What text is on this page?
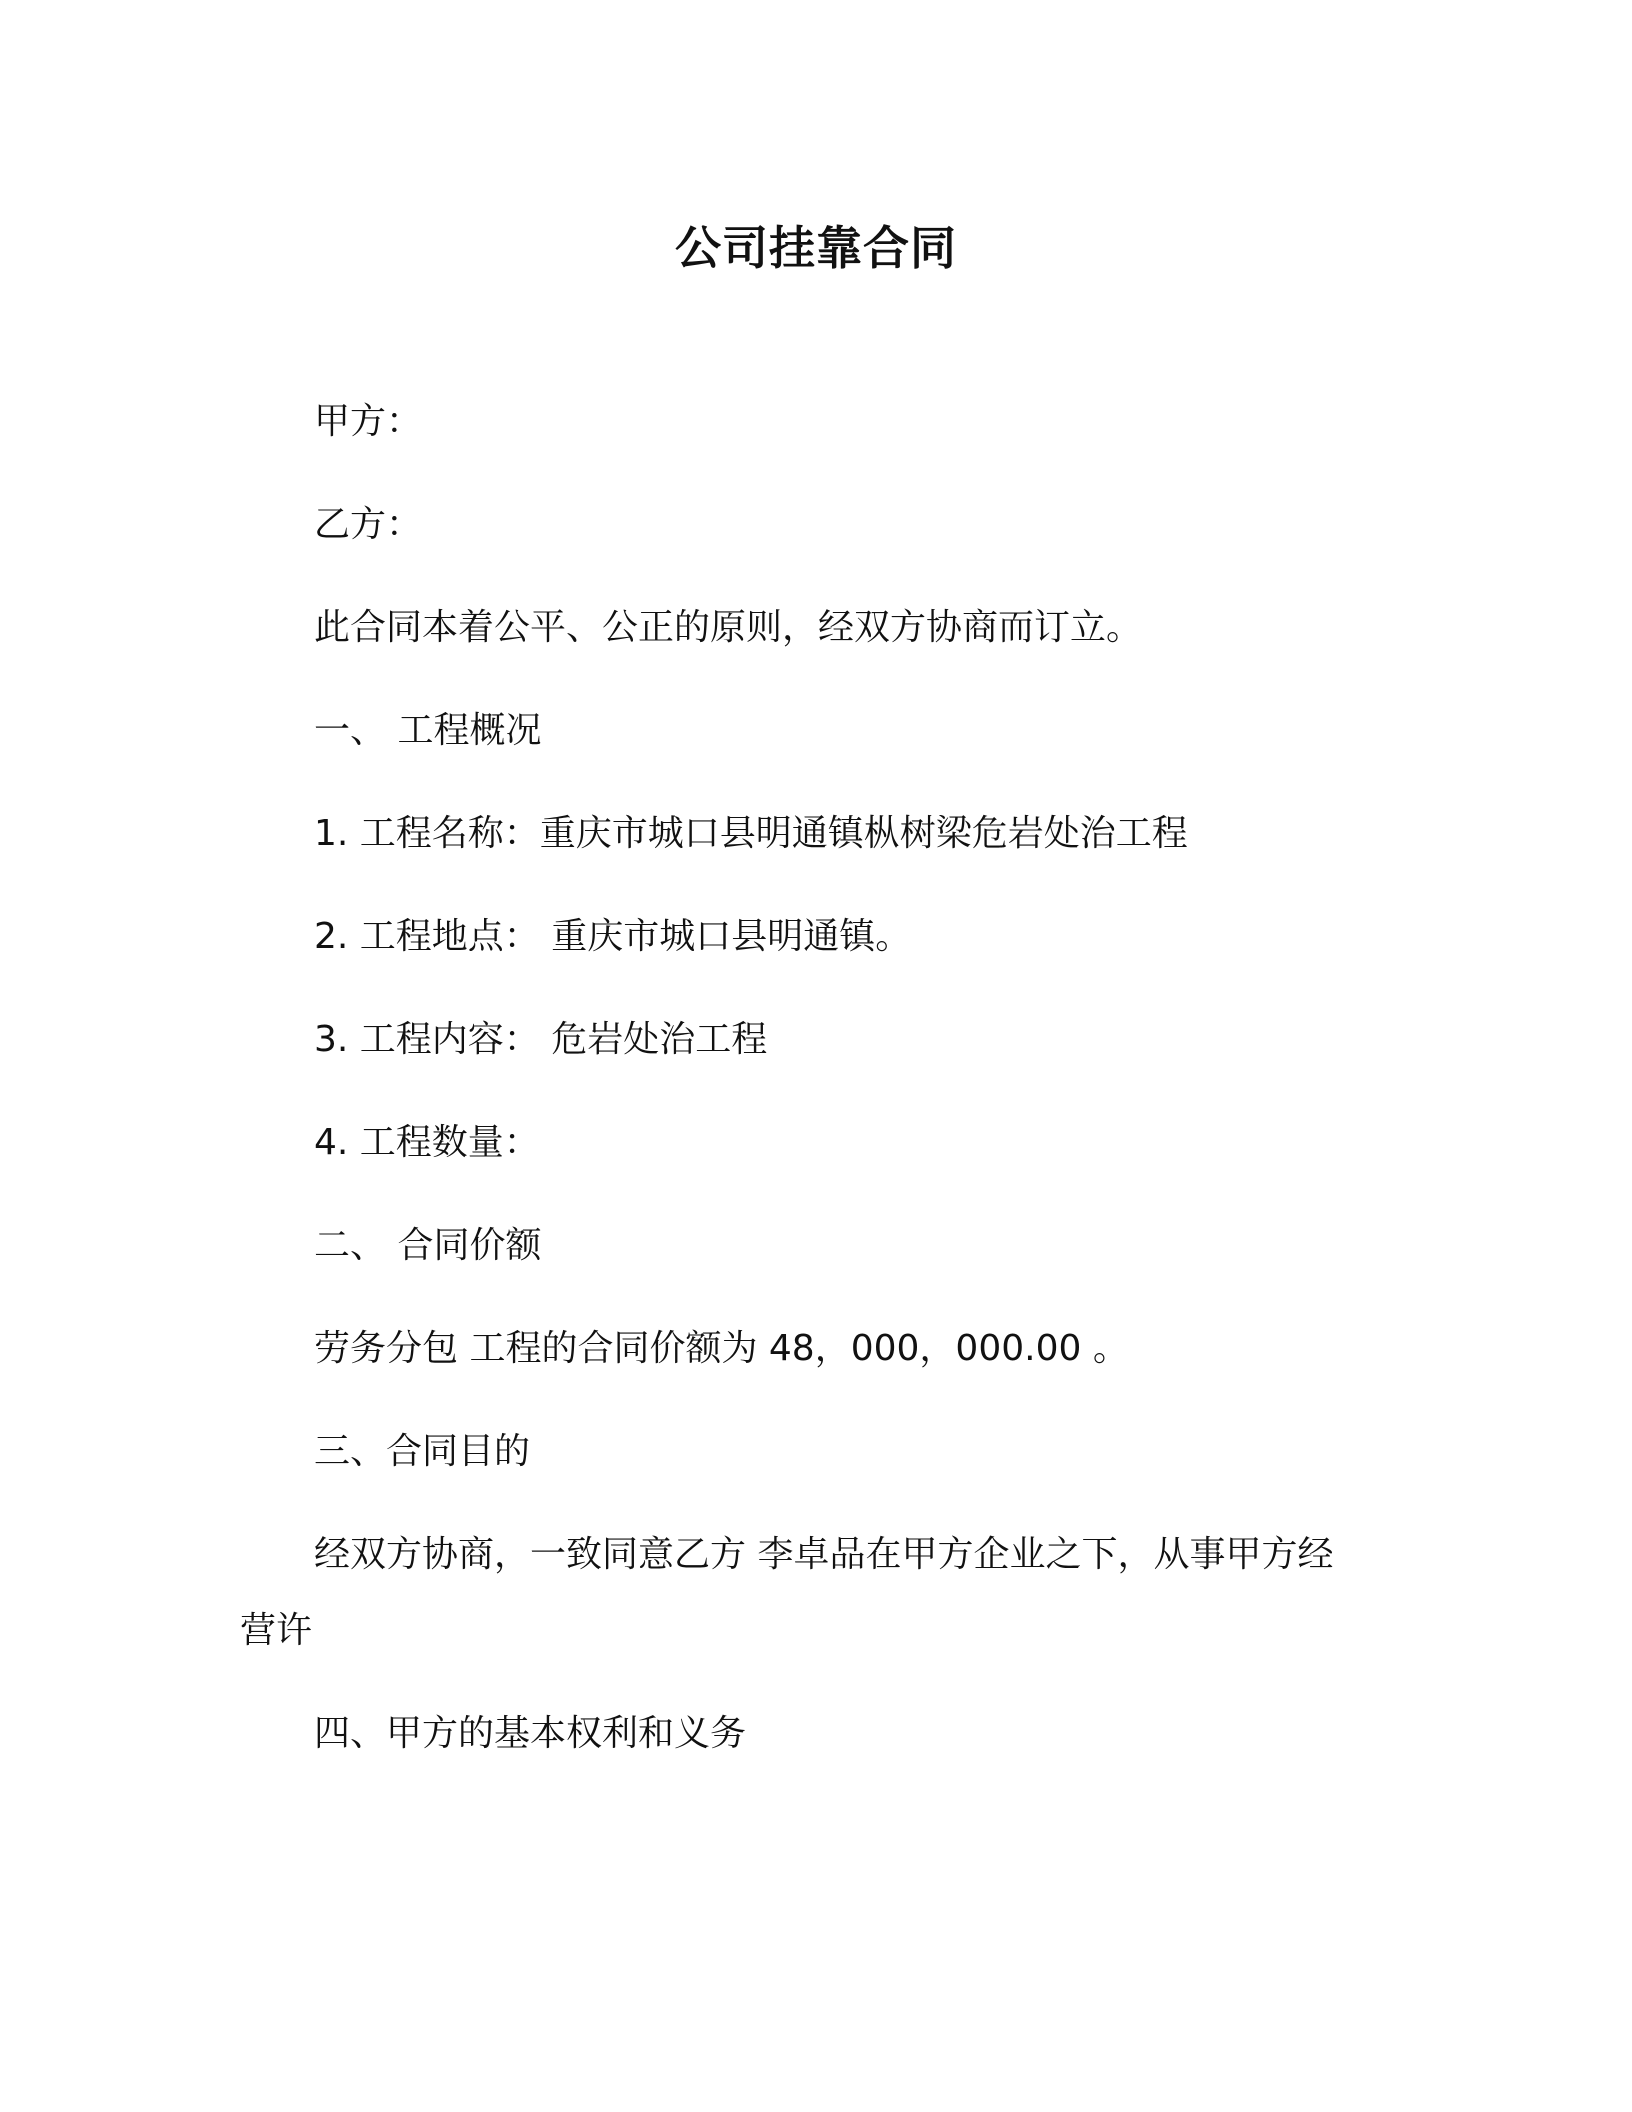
公司挂靠合同
甲方：
乙方：
此合同本着公平、公正的原则，经双方协商而订立。
一、 工程概况
1. 工程名称：重庆市城口县明通镇枞树梁危岩处治工程
2. 工程地点： 重庆市城口县明通镇。
3. 工程内容： 危岩处治工程
4. 工程数量：
二、 合同价额
劳务分包 工程的合同价额为 48，000，000.00 。
三、合同目的
经双方协商，一致同意乙方 李卓品在甲方企业之下，从事甲方经
营许
四、甲方的基本权利和义务
